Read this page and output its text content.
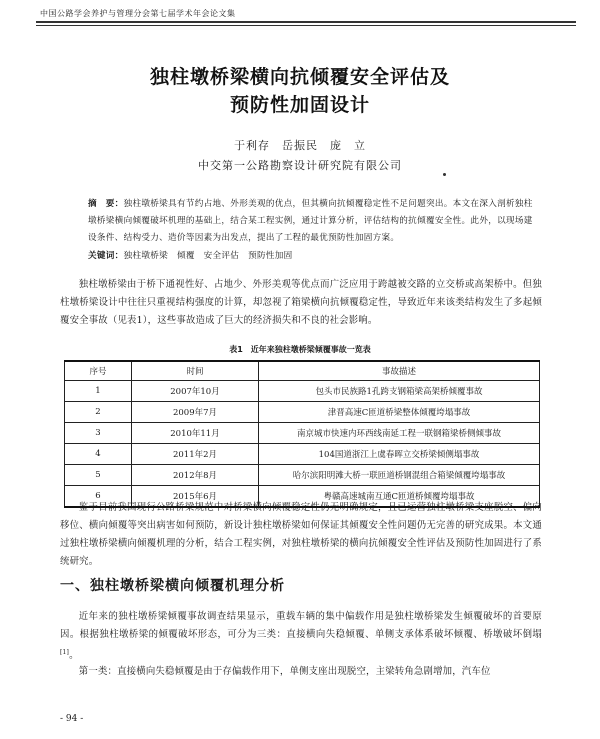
中国公路学会养护与管理分会第七届学术年会论文集
独柱墩桥梁横向抗倾覆安全评估及
预防性加固设计
于利存　岳振民　庞　立
中交第一公路勘察设计研究院有限公司
摘　要：独柱墩桥梁具有节约占地、外形美观的优点，但其横向抗倾覆稳定性不足问题突出。本文在深入剖析独柱墩桥梁横向倾覆破坏机理的基础上，结合某工程实例，通过计算分析，评估结构的抗倾覆安全性。此外，以现场建设条件、结构受力、造价等因素为出发点，提出了工程的最优预防性加固方案。
关键词：独柱墩桥梁　倾覆　安全评估　预防性加固
独柱墩桥梁由于桥下通视性好、占地少、外形美观等优点而广泛应用于跨越被交路的立交桥或高架桥中。但独柱墩桥梁设计中往往只重视结构强度的计算，却忽视了箱梁横向抗倾覆稳定性，导致近年来该类结构发生了多起倾覆安全事故（见表1），这些事故造成了巨大的经济损失和不良的社会影响。
表1　近年来独柱墩桥梁倾覆事故一览表
序号	时间	事故描述
1	2007年10月	包头市民族路1孔跨支钢箱梁高架桥倾覆事故
2	2009年7月	津晋高速C匝道桥梁整体倾覆垮塌事故
3	2010年11月	南京城市快速内环西线南延工程一联钢箱梁桥侧倾事故
4	2011年2月	104国道浙江上虞春晖立交桥梁倾侧塌事故
5	2012年8月	哈尔滨阳明滩大桥一联匝道桥钢混组合箱梁倾覆垮塌事故
6	2015年6月	粤赣高速城南互通C匝道桥倾覆垮塌事故
鉴于目前我国现行公路桥梁规范中对桥梁横向倾覆稳定性仍无明确规定，且已运营独柱墩桥梁支座脱空、偏向移位、横向倾覆等突出病害如何预防，新设计独柱墩桥梁如何保证其倾覆安全性问题仍无完善的研究成果。本文通过独柱墩桥梁横向倾覆机理的分析，结合工程实例，对独柱墩桥梁的横向抗倾覆安全性评估及预防性加固进行了系统研究。
一、独柱墩桥梁横向倾覆机理分析
近年来的独柱墩桥梁倾覆事故调查结果显示，重载车辆的集中偏载作用是独柱墩桥梁发生倾覆破坏的首要原因。根据独柱墩桥梁的倾覆破坏形态，可分为三类：直接横向失稳倾覆、单侧支承体系破坏倾覆、桥墩破坏倒塌[1]。
第一类：直接横向失稳倾覆是由于存偏载作用下，单侧支座出现脱空，主梁转角急剧增加，汽车位
- 94 -
